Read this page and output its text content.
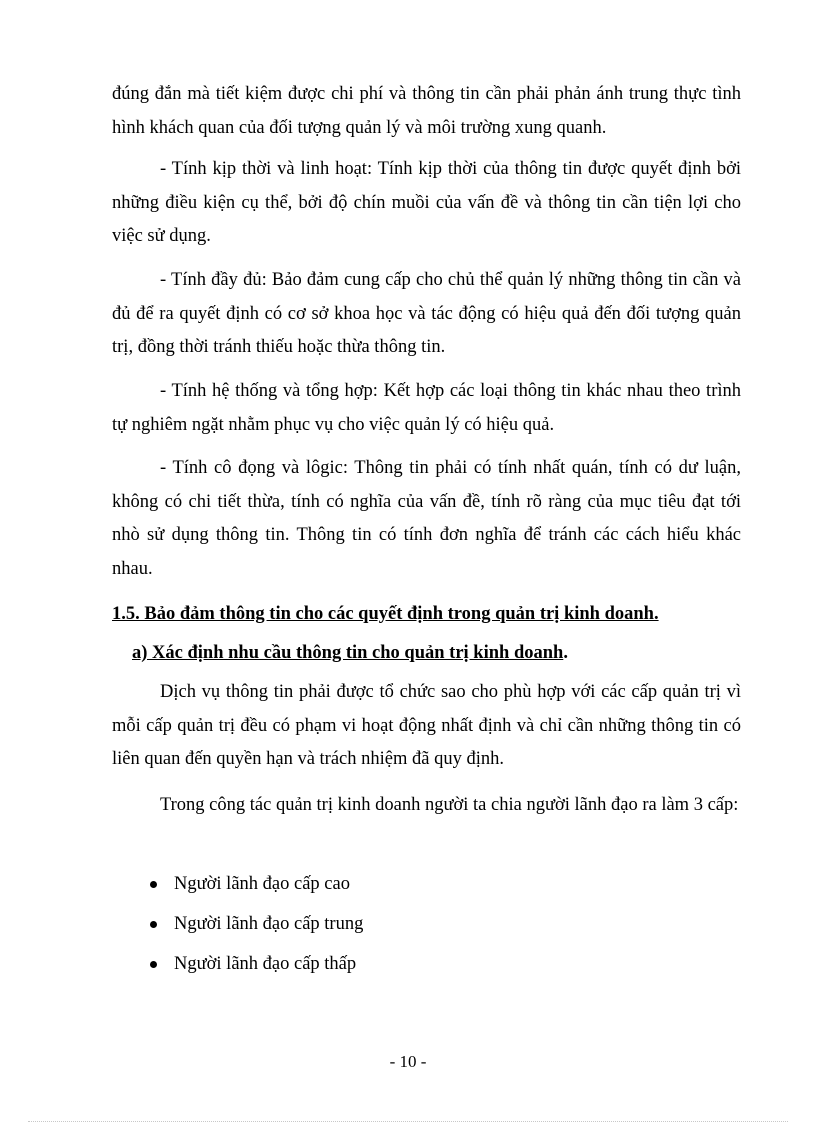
đúng đắn mà tiết kiệm được chi phí và thông tin cần phải phản ánh trung thực tình hình khách quan của đối tượng quản lý và môi trường xung quanh.

- Tính kịp thời và linh hoạt: Tính kịp thời của thông tin được quyết định bởi những điều kiện cụ thể, bởi độ chín muồi của vấn đề và thông tin cần tiện lợi cho việc sử dụng.

- Tính đầy đủ: Bảo đảm cung cấp cho chủ thể quản lý những thông tin cần và đủ để ra quyết định có cơ sở khoa học và tác động có hiệu quả đến đối tượng quản trị, đồng thời tránh thiếu hoặc thừa thông tin.

- Tính hệ thống và tổng hợp: Kết hợp các loại thông tin khác nhau theo trình tự nghiêm ngặt nhằm phục vụ cho việc quản lý có hiệu quả.

- Tính cô đọng và lôgic: Thông tin phải có tính nhất quán, tính có dư luận, không có chi tiết thừa, tính có nghĩa của vấn đề, tính rõ ràng của mục tiêu đạt tới nhò sử dụng thông tin. Thông tin có tính đơn nghĩa để tránh các cách hiểu khác nhau.

1.5. Bảo đảm thông tin cho các quyết định trong quản trị kinh doanh.
a) Xác định nhu cầu thông tin cho quản trị kinh doanh.

Dịch vụ thông tin phải được tổ chức sao cho phù hợp với các cấp quản trị vì mỗi cấp quản trị đều có phạm vi hoạt động nhất định và chỉ cần những thông tin có liên quan đến quyền hạn và trách nhiệm đã quy định.

Trong công tác quản trị kinh doanh người ta chia người lãnh đạo ra làm 3 cấp:

Người lãnh đạo cấp cao
Người lãnh đạo cấp trung
Người lãnh đạo cấp thấp
- 10 -
